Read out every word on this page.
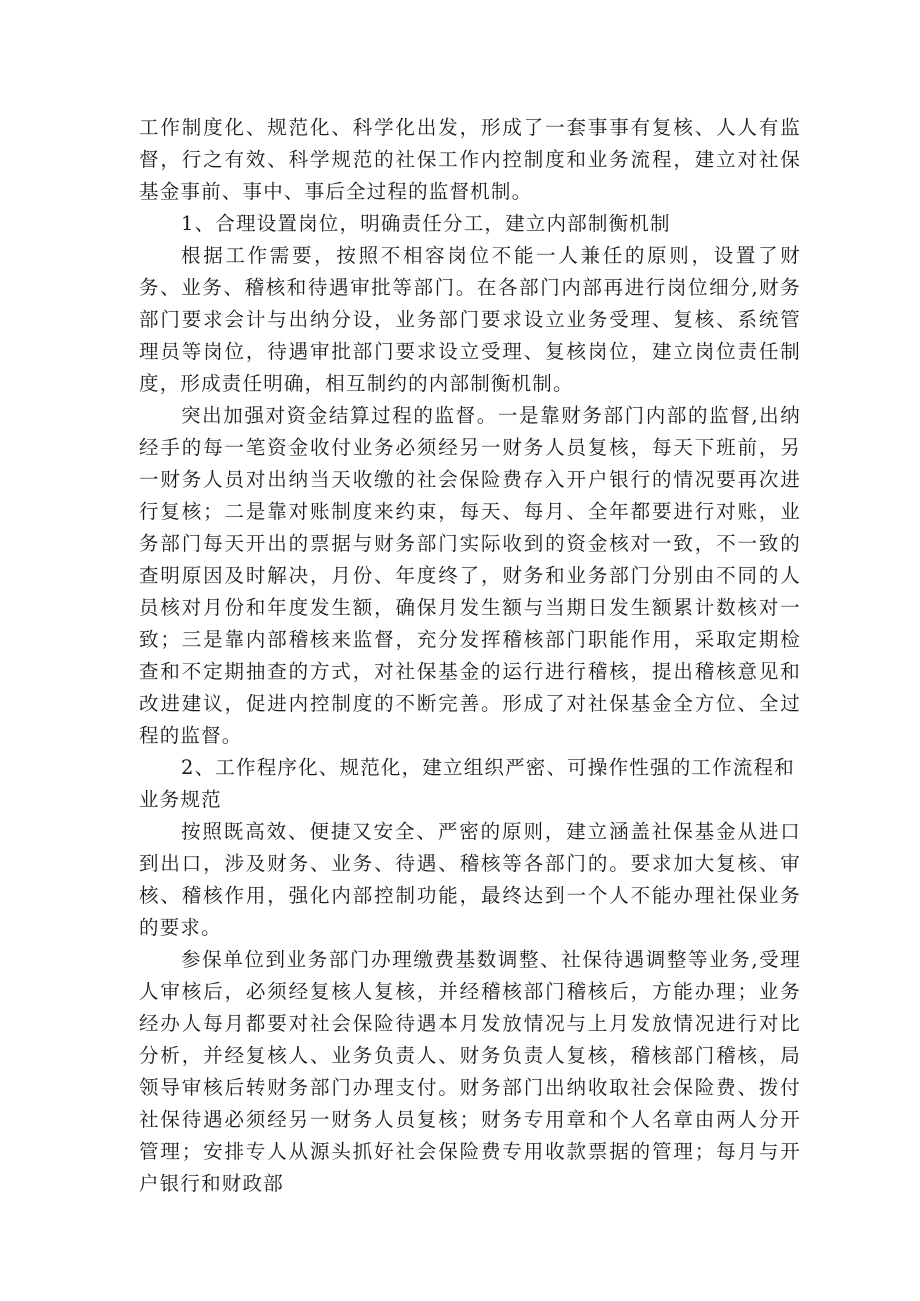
工作制度化、规范化、科学化出发，形成了一套事事有复核、人人有监督，行之有效、科学规范的社保工作内控制度和业务流程，建立对社保基金事前、事中、事后全过程的监督机制。

1、合理设置岗位，明确责任分工，建立内部制衡机制

根据工作需要，按照不相容岗位不能一人兼任的原则，设置了财务、业务、稽核和待遇审批等部门。在各部门内部再进行岗位细分,财务部门要求会计与出纳分设，业务部门要求设立业务受理、复核、系统管理员等岗位，待遇审批部门要求设立受理、复核岗位，建立岗位责任制度，形成责任明确，相互制约的内部制衡机制。

突出加强对资金结算过程的监督。一是靠财务部门内部的监督,出纳经手的每一笔资金收付业务必须经另一财务人员复核，每天下班前，另一财务人员对出纳当天收缴的社会保险费存入开户银行的情况要再次进行复核；二是靠对账制度来约束，每天、每月、全年都要进行对账，业务部门每天开出的票据与财务部门实际收到的资金核对一致，不一致的查明原因及时解决，月份、年度终了，财务和业务部门分别由不同的人员核对月份和年度发生额，确保月发生额与当期日发生额累计数核对一致；三是靠内部稽核来监督，充分发挥稽核部门职能作用，采取定期检查和不定期抽查的方式，对社保基金的运行进行稽核，提出稽核意见和改进建议，促进内控制度的不断完善。形成了对社保基金全方位、全过程的监督。

2、工作程序化、规范化，建立组织严密、可操作性强的工作流程和业务规范

按照既高效、便捷又安全、严密的原则，建立涵盖社保基金从进口到出口，涉及财务、业务、待遇、稽核等各部门的。要求加大复核、审核、稽核作用，强化内部控制功能，最终达到一个人不能办理社保业务的要求。

参保单位到业务部门办理缴费基数调整、社保待遇调整等业务,受理人审核后，必须经复核人复核，并经稽核部门稽核后，方能办理；业务经办人每月都要对社会保险待遇本月发放情况与上月发放情况进行对比分析，并经复核人、业务负责人、财务负责人复核，稽核部门稽核，局领导审核后转财务部门办理支付。财务部门出纳收取社会保险费、拨付社保待遇必须经另一财务人员复核；财务专用章和个人名章由两人分开管理；安排专人从源头抓好社会保险费专用收款票据的管理；每月与开户银行和财政部
